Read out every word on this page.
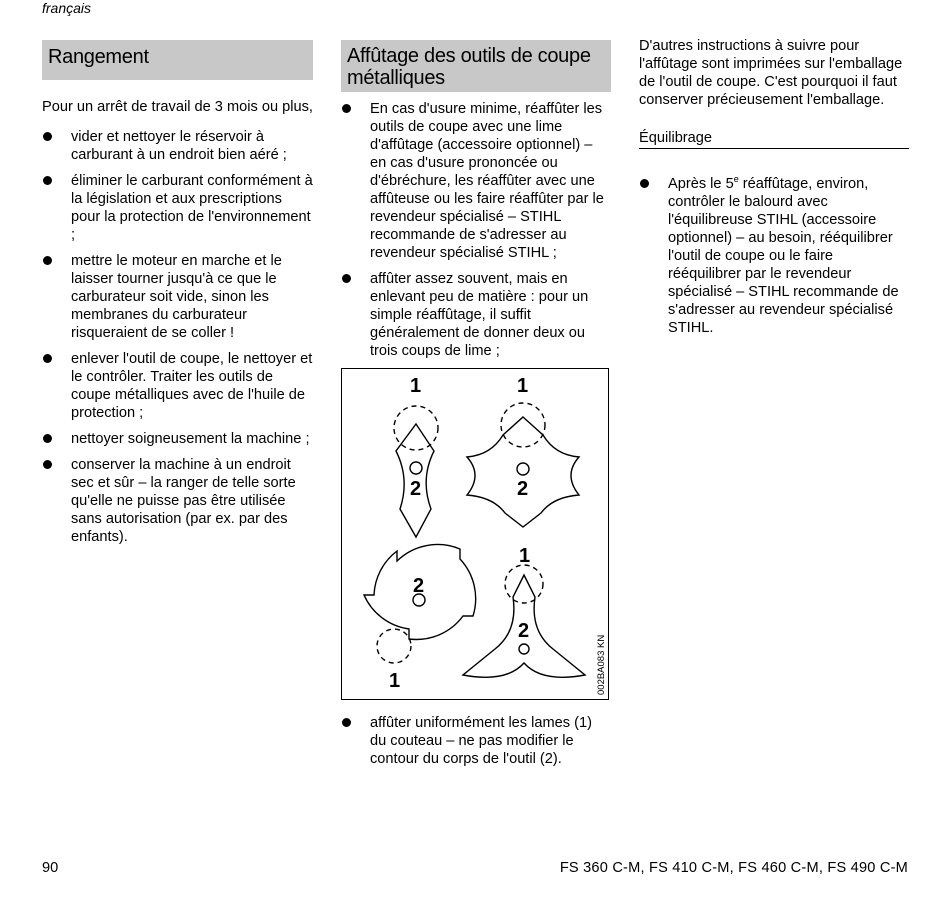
français
Rangement

Pour un arrêt de travail de 3 mois ou plus,

vider et nettoyer le réservoir à carburant à un endroit bien aéré ;
éliminer le carburant conformément à la législation et aux prescriptions pour la protection de l'environnement ;
mettre le moteur en marche et le laisser tourner jusqu'à ce que le carburateur soit vide, sinon les membranes du carburateur risqueraient de se coller !
enlever l'outil de coupe, le nettoyer et le contrôler. Traiter les outils de coupe métalliques avec de l'huile de protection ;
nettoyer soigneusement la machine ;
conserver la machine à un endroit sec et sûr – la ranger de telle sorte qu'elle ne puisse pas être utilisée sans autorisation (par ex. par des enfants).
Affûtage des outils de coupe métalliques
En cas d'usure minime, réaffûter les outils de coupe avec une lime d'affûtage (accessoire optionnel) – en cas d'usure prononcée ou d'ébréchure, les réaffûter avec une affûteuse ou les faire réaffûter par le revendeur spécialisé – STIHL recommande de s'adresser au revendeur spécialisé STIHL ;
affûter assez souvent, mais en enlevant peu de matière : pour un simple réaffûtage, il suffit généralement de donner deux ou trois coups de lime ;
1
2
1
2
2
1
1
2
002BA083 KN
affûter uniformément les lames (1) du couteau – ne pas modifier le contour du corps de l'outil (2).

D'autres instructions à suivre pour l'affûtage sont imprimées sur l'emballage de l'outil de coupe. C'est pourquoi il faut conserver précieusement l'emballage.

Équilibrage
Après le 5e réaffûtage, environ, contrôler le balourd avec l'équilibreuse STIHL (accessoire optionnel) – au besoin, rééquilibrer l'outil de coupe ou le faire rééquilibrer par le revendeur spécialisé – STIHL recommande de s'adresser au revendeur spécialisé STIHL.
90	FS 360 C-M, FS 410 C-M, FS 460 C-M, FS 490 C-M
